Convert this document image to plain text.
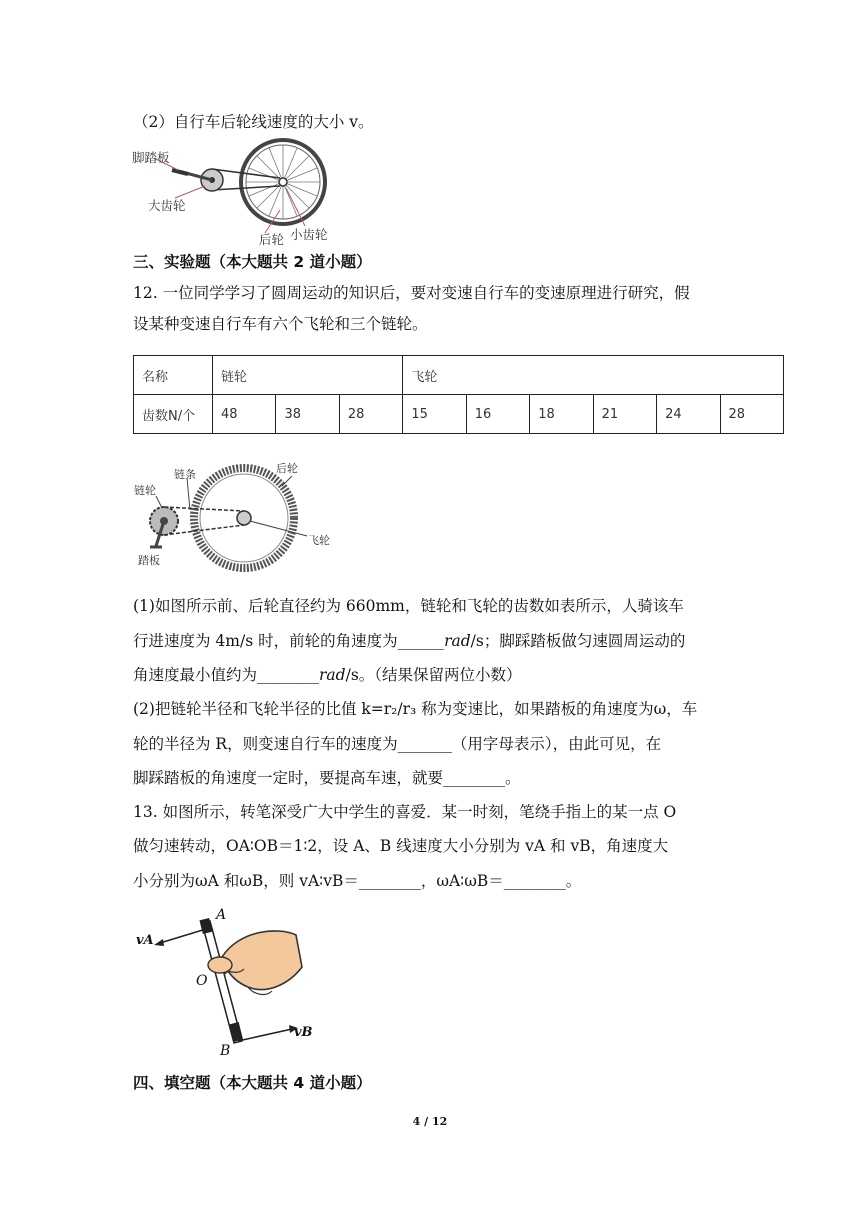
（2）自行车后轮线速度的大小 v。
脚踏板
大齿轮
后轮 小齿轮
三、实验题（本大题共 2 道小题）
12. 一位同学学习了圆周运动的知识后，要对变速自行车的变速原理进行研究，假
设某种变速自行车有六个飞轮和三个链轮。
名称	链轮			飞轮					
齿数N/个	48	38	28	15	16	18	21	24	28
链条	后轮
链轮
踏板
飞轮
(1)如图所示前、后轮直径约为 660mm，链轮和飞轮的齿数如表所示，人骑该车
行进速度为 4m/s 时，前轮的角速度为______rad/s；脚踩踏板做匀速圆周运动的
角速度最小值约为________rad/s。（结果保留两位小数）
(2)把链轮半径和飞轮半径的比值 k=r₂/r₃ 称为变速比，如果踏板的角速度为ω，车
轮的半径为 R，则变速自行车的速度为_______（用字母表示），由此可见，在
脚踩踏板的角速度一定时，要提高车速，就要________。
13. 如图所示，转笔深受广大中学生的喜爱．某一时刻，笔绕手指上的某一点 O
做匀速转动，OA∶OB＝1∶2，设 A、B 线速度大小分别为 vA 和 vB，角速度大
小分别为ωA 和ωB，则 vA∶vB＝________，ωA∶ωB＝________。
A
vA
O
vB
B
四、填空题（本大题共 4 道小题）
4 / 12
